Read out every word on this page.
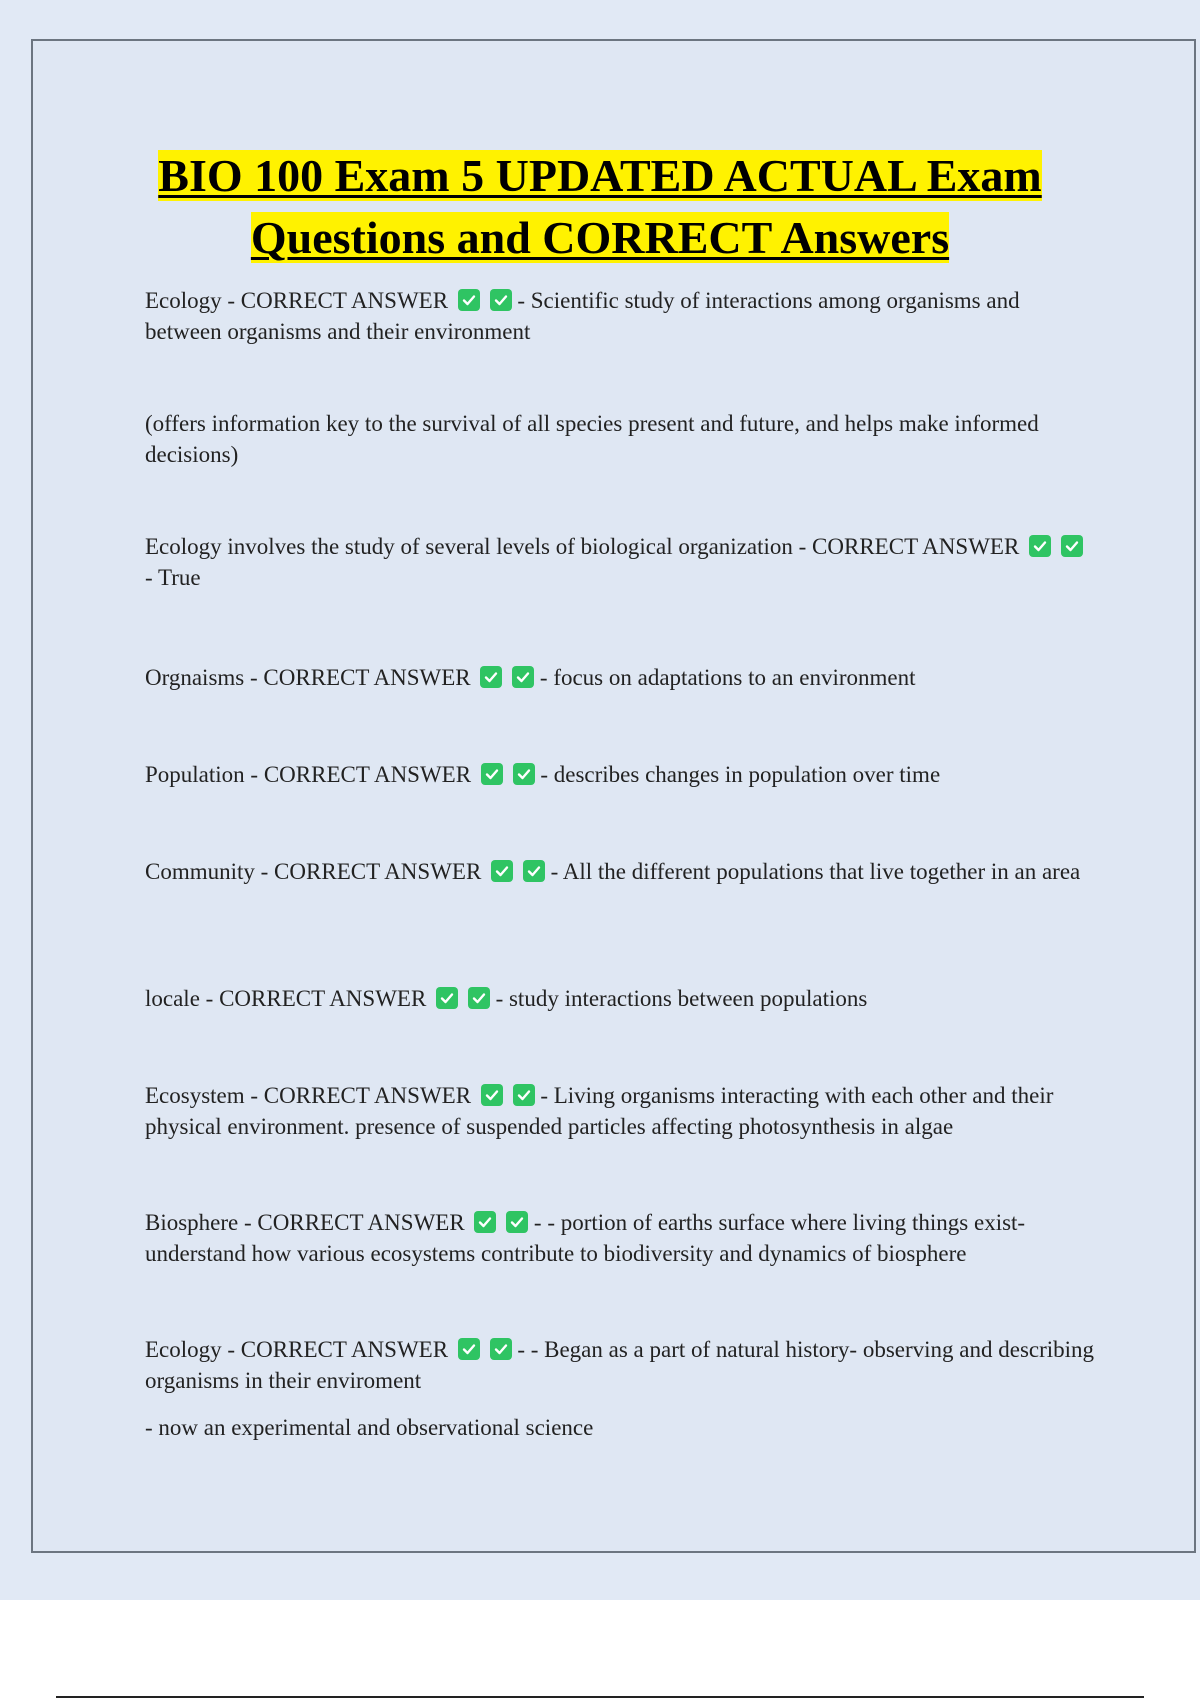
BIO 100 Exam 5 UPDATED ACTUAL Exam
Questions and CORRECT Answers

Ecology - CORRECT ANSWER
	- Scientific study of interactions among organisms and between organisms and their environment

(offers information key to the survival of all species present and future, and helps make informed decisions)

Ecology involves the study of several levels of biological organization - CORRECT ANSWER

- True

Orgnaisms - CORRECT ANSWER
	- focus on adaptations to an environment

Population - CORRECT ANSWER
	- describes changes in population over time

Community - CORRECT ANSWER
	- All the different populations that live together in an area

locale - CORRECT ANSWER
	- study interactions between populations

Ecosystem - CORRECT ANSWER
	- Living organisms interacting with each other and their physical environment. presence of suspended particles affecting photosynthesis in algae

Biosphere - CORRECT ANSWER
	- - portion of earths surface where living things exist- understand how various ecosystems contribute to biodiversity and dynamics of biosphere

Ecology - CORRECT ANSWER
	- - Began as a part of natural history- observing and describing organisms in their enviroment

- now an experimental and observational science
